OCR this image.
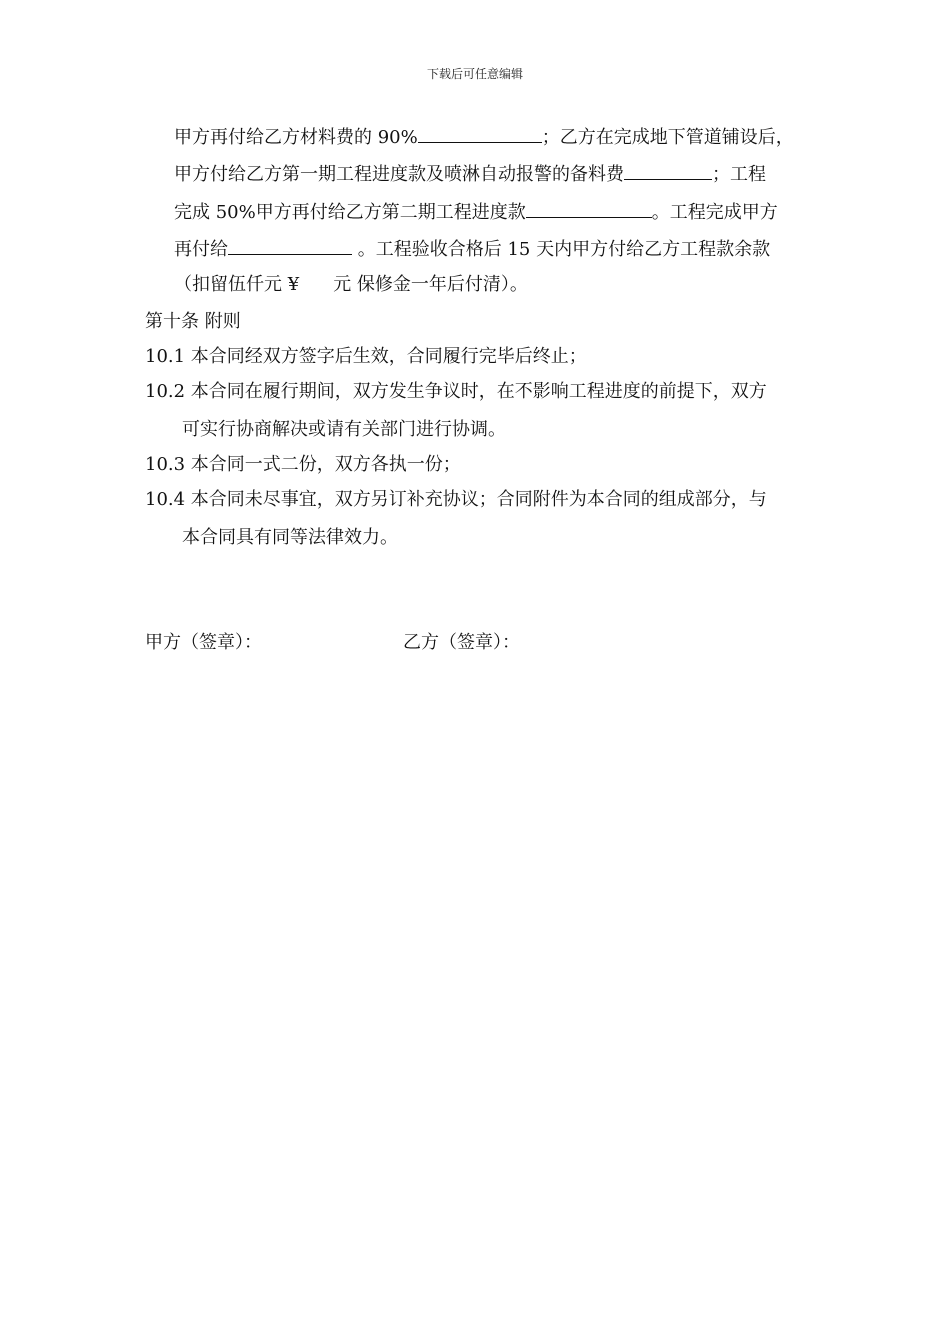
下载后可任意编辑
甲方再付给乙方材料费的 90%	；乙方在完成地下管道铺设后，
甲方付给乙方第一期工程进度款及喷淋自动报警的备料费	；工程
完成 50%甲方再付给乙方第二期工程进度款	。工程完成甲方
再付给	。工程验收合格后 15 天内甲方付给乙方工程款余款
（扣留伍仟元 ¥ 元 保修金一年后付清）。
第十条 附则
10.1 本合同经双方签字后生效，合同履行完毕后终止；
10.2 本合同在履行期间，双方发生争议时，在不影响工程进度的前提下，双方
可实行协商解决或请有关部门进行协调。
10.3 本合同一式二份，双方各执一份；
10.4 本合同未尽事宜，双方另订补充协议；合同附件为本合同的组成部分，与
本合同具有同等法律效力。
甲方（签章）：	乙方（签章）：
